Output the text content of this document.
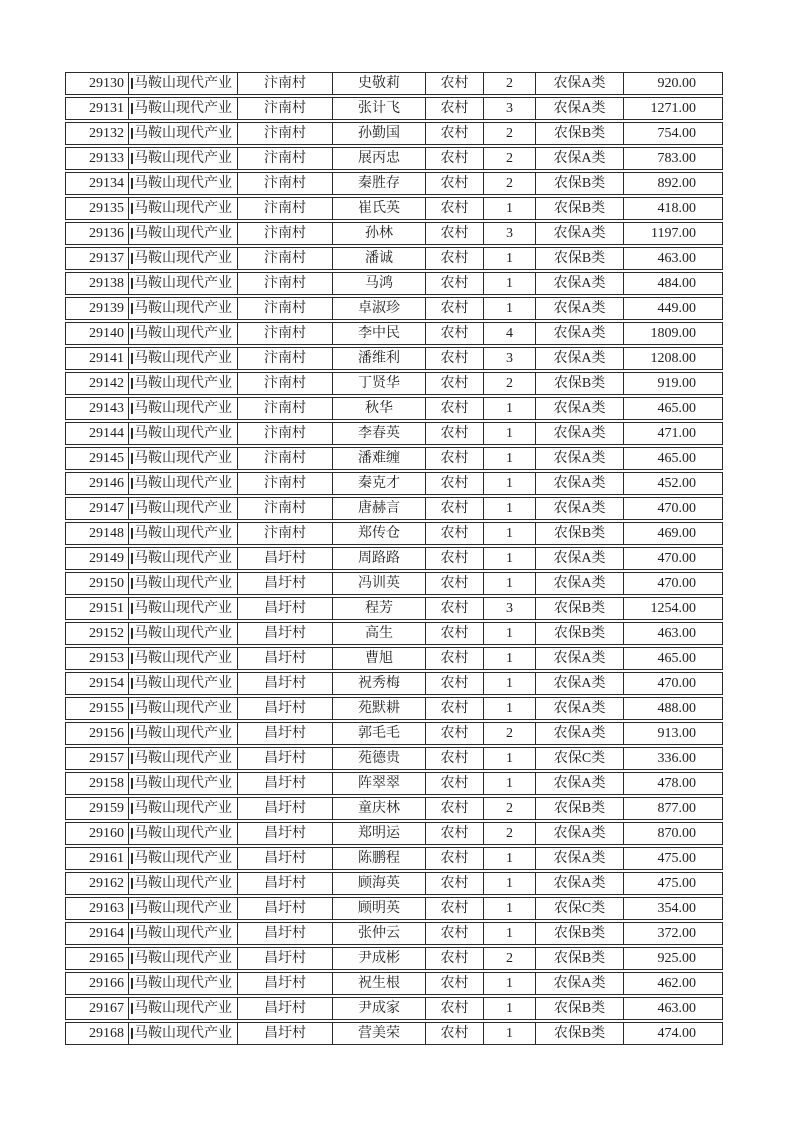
29130 马鞍山现代产业	汴南村	史敬莉	农村	2	农保A类	920.00
29131 马鞍山现代产业	汴南村	张计飞	农村	3	农保A类	1271.00
29132 马鞍山现代产业	汴南村	孙勤国	农村	2	农保B类	754.00
29133 马鞍山现代产业	汴南村	展丙忠	农村	2	农保A类	783.00
29134 马鞍山现代产业	汴南村	秦胜存	农村	2	农保B类	892.00
29135 马鞍山现代产业	汴南村	崔氏英	农村	1	农保B类	418.00
29136 马鞍山现代产业	汴南村	孙林	农村	3	农保A类	1197.00
29137 马鞍山现代产业	汴南村	潘诚	农村	1	农保B类	463.00
29138 马鞍山现代产业	汴南村	马鸿	农村	1	农保A类	484.00
29139 马鞍山现代产业	汴南村	卓淑珍	农村	1	农保A类	449.00
29140 马鞍山现代产业	汴南村	李中民	农村	4	农保A类	1809.00
29141 马鞍山现代产业	汴南村	潘维利	农村	3	农保A类	1208.00
29142 马鞍山现代产业	汴南村	丁贤华	农村	2	农保B类	919.00
29143 马鞍山现代产业	汴南村	秋华	农村	1	农保A类	465.00
29144 马鞍山现代产业	汴南村	李春英	农村	1	农保A类	471.00
29145 马鞍山现代产业	汴南村	潘难缠	农村	1	农保A类	465.00
29146 马鞍山现代产业	汴南村	秦克才	农村	1	农保A类	452.00
29147 马鞍山现代产业	汴南村	唐赫言	农村	1	农保A类	470.00
29148 马鞍山现代产业	汴南村	郑传仓	农村	1	农保B类	469.00
29149 马鞍山现代产业	昌圩村	周路路	农村	1	农保A类	470.00
29150 马鞍山现代产业	昌圩村	冯训英	农村	1	农保A类	470.00
29151 马鞍山现代产业	昌圩村	程芳	农村	3	农保B类	1254.00
29152 马鞍山现代产业	昌圩村	高生	农村	1	农保B类	463.00
29153 马鞍山现代产业	昌圩村	曹旭	农村	1	农保A类	465.00
29154 马鞍山现代产业	昌圩村	祝秀梅	农村	1	农保A类	470.00
29155 马鞍山现代产业	昌圩村	苑默耕	农村	1	农保A类	488.00
29156 马鞍山现代产业	昌圩村	郭毛毛	农村	2	农保A类	913.00
29157 马鞍山现代产业	昌圩村	苑德贵	农村	1	农保C类	336.00
29158 马鞍山现代产业	昌圩村	阵翠翠	农村	1	农保A类	478.00
29159 马鞍山现代产业	昌圩村	童庆林	农村	2	农保B类	877.00
29160 马鞍山现代产业	昌圩村	郑明运	农村	2	农保A类	870.00
29161 马鞍山现代产业	昌圩村	陈鹏程	农村	1	农保A类	475.00
29162 马鞍山现代产业	昌圩村	顾海英	农村	1	农保A类	475.00
29163 马鞍山现代产业	昌圩村	顾明英	农村	1	农保C类	354.00
29164 马鞍山现代产业	昌圩村	张仲云	农村	1	农保B类	372.00
29165 马鞍山现代产业	昌圩村	尹成彬	农村	2	农保B类	925.00
29166 马鞍山现代产业	昌圩村	祝生根	农村	1	农保A类	462.00
29167 马鞍山现代产业	昌圩村	尹成家	农村	1	农保B类	463.00
29168 马鞍山现代产业	昌圩村	营美荣	农村	1	农保B类	474.00
